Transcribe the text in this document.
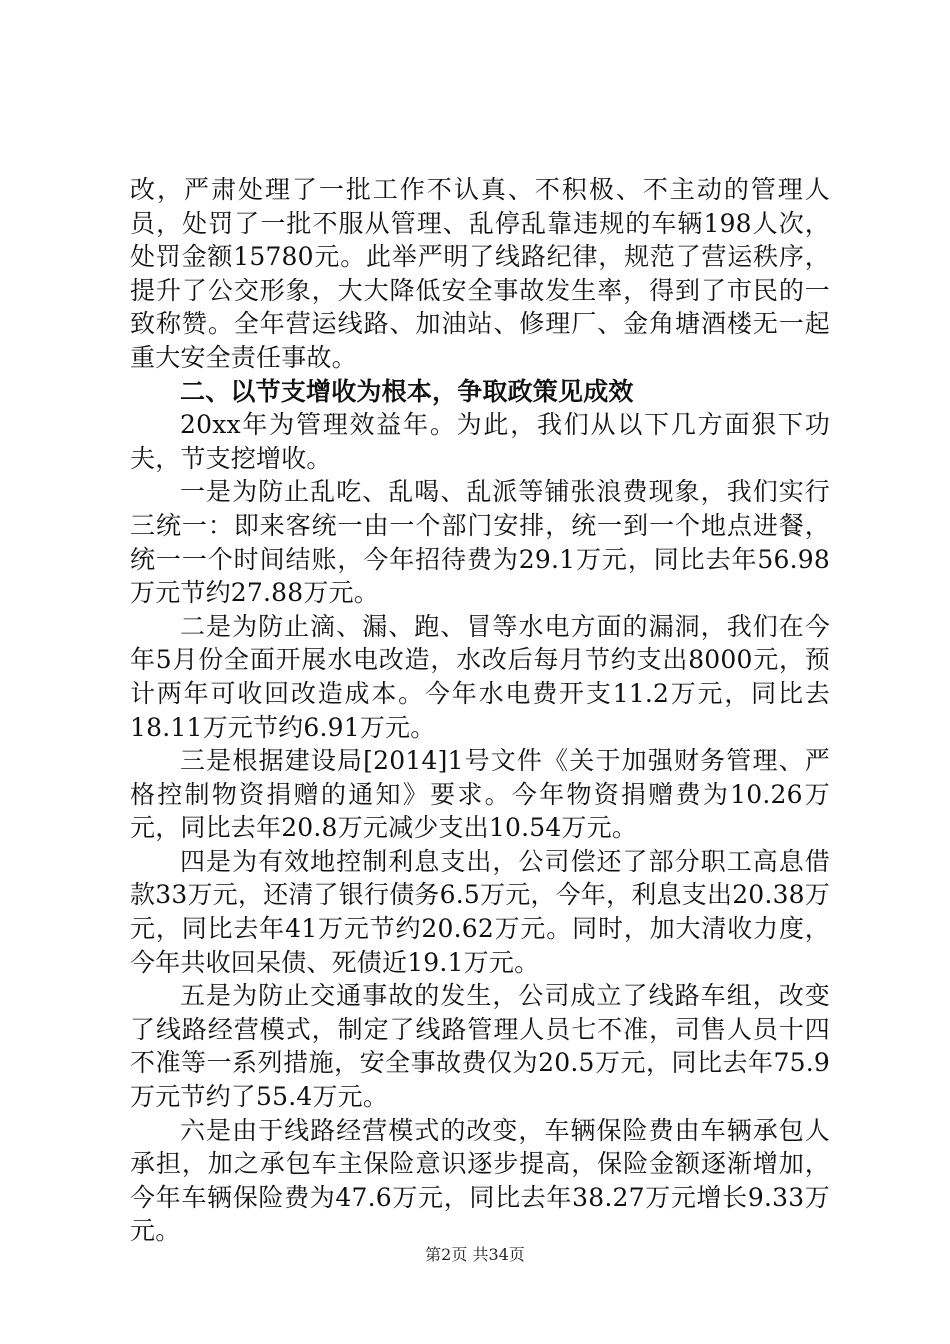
改，严肃处理了一批工作不认真、不积极、不主动的管理人员，处罚了一批不服从管理、乱停乱靠违规的车辆198人次，处罚金额15780元。此举严明了线路纪律，规范了营运秩序，提升了公交形象，大大降低安全事故发生率，得到了市民的一致称赞。全年营运线路、加油站、修理厂、金角塘酒楼无一起重大安全责任事故。

二、以节支增收为根本，争取政策见成效

20xx年为管理效益年。为此，我们从以下几方面狠下功夫，节支挖增收。

一是为防止乱吃、乱喝、乱派等铺张浪费现象，我们实行三统一：即来客统一由一个部门安排，统一到一个地点进餐，统一一个时间结账，今年招待费为29.1万元，同比去年56.98万元节约27.88万元。

二是为防止滴、漏、跑、冒等水电方面的漏洞，我们在今年5月份全面开展水电改造，水改后每月节约支出8000元，预计两年可收回改造成本。今年水电费开支11.2万元，同比去18.11万元节约6.91万元。

三是根据建设局[2014]1号文件《关于加强财务管理、严格控制物资捐赠的通知》要求。今年物资捐赠费为10.26万元，同比去年20.8万元减少支出10.54万元。

四是为有效地控制利息支出，公司偿还了部分职工高息借款33万元，还清了银行债务6.5万元，今年，利息支出20.38万元，同比去年41万元节约20.62万元。同时，加大清收力度，今年共收回呆债、死债近19.1万元。

五是为防止交通事故的发生，公司成立了线路车组，改变了线路经营模式，制定了线路管理人员七不准，司售人员十四不准等一系列措施，安全事故费仅为20.5万元，同比去年75.9万元节约了55.4万元。

六是由于线路经营模式的改变，车辆保险费由车辆承包人承担，加之承包车主保险意识逐步提高，保险金额逐渐增加，今年车辆保险费为47.6万元，同比去年38.27万元增长9.33万元。

第2页 共34页
